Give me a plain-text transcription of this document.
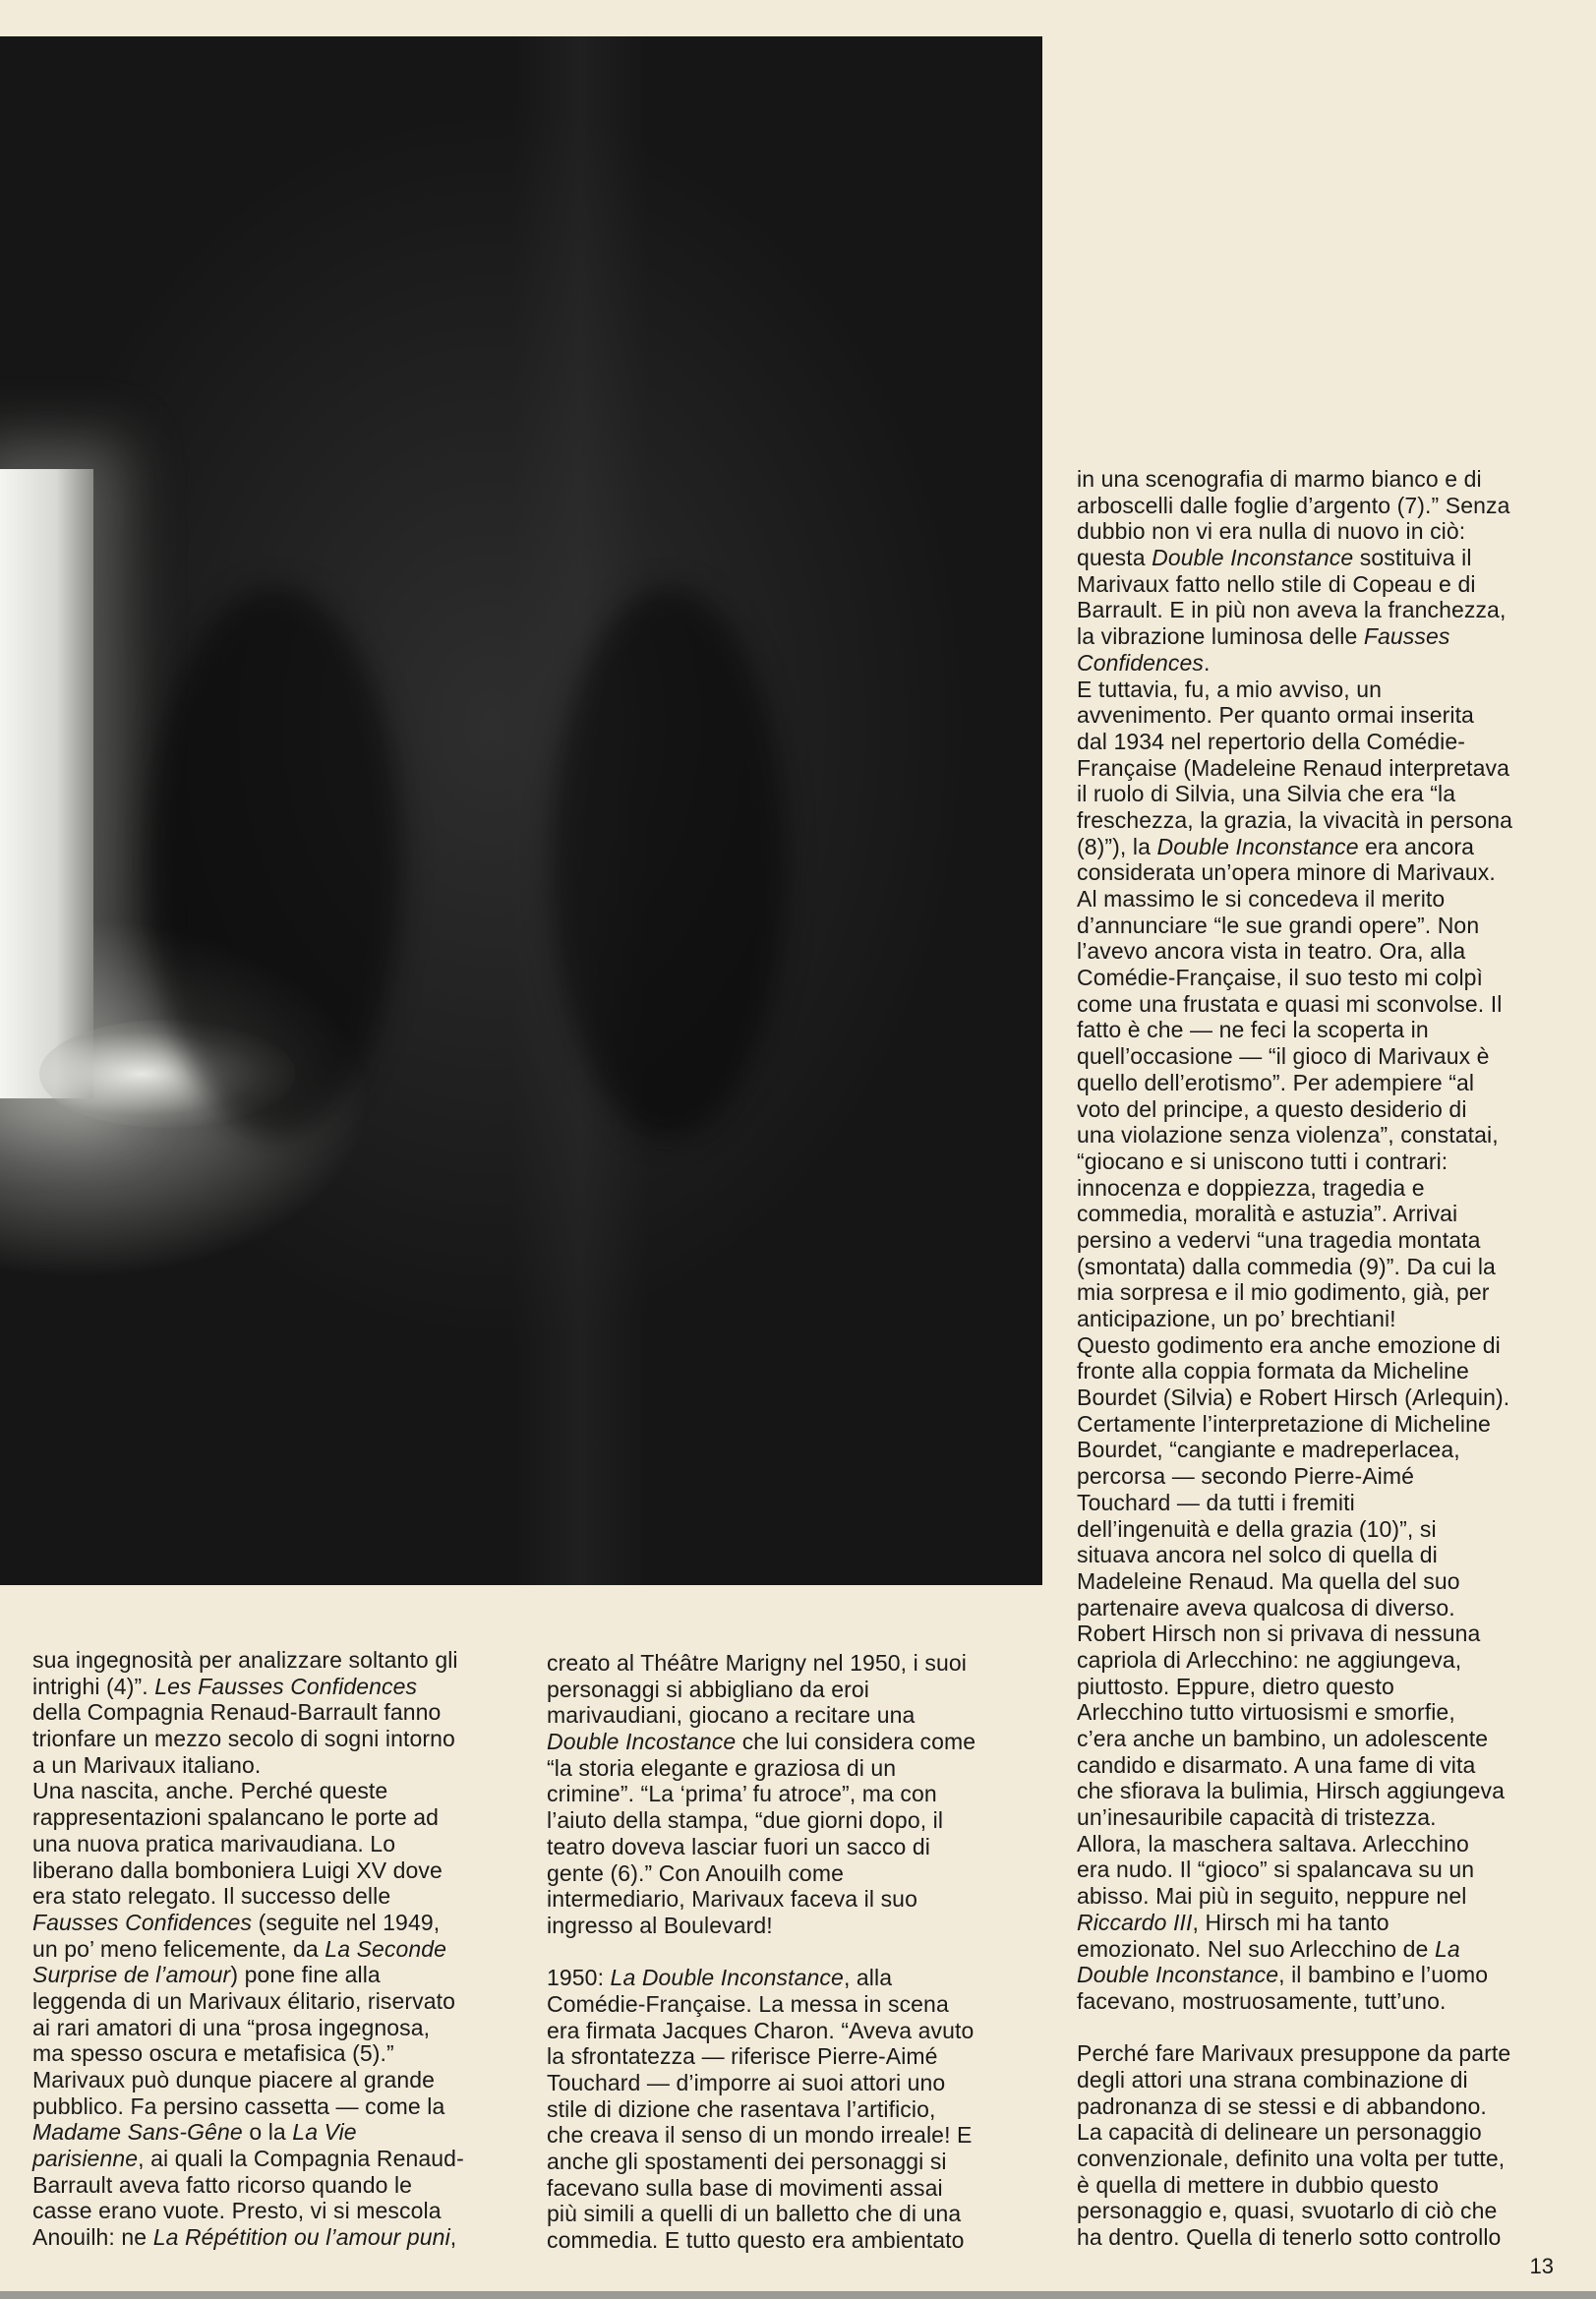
sua ingegnosità per analizzare soltanto gli
intrighi (4)”. Les Fausses Confidences
della Compagnia Renaud-Barrault fanno
trionfare un mezzo secolo di sogni intorno
a un Marivaux italiano.
Una nascita, anche. Perché queste
rappresentazioni spalancano le porte ad
una nuova pratica marivaudiana. Lo
liberano dalla bomboniera Luigi XV dove
era stato relegato. Il successo delle
Fausses Confidences (seguite nel 1949,
un po’ meno felicemente, da La Seconde
Surprise de l’amour) pone fine alla
leggenda di un Marivaux élitario, riservato
ai rari amatori di una “prosa ingegnosa,
ma spesso oscura e metafisica (5).”
Marivaux può dunque piacere al grande
pubblico. Fa persino cassetta — come la
Madame Sans-Gêne o la La Vie
parisienne, ai quali la Compagnia Renaud-
Barrault aveva fatto ricorso quando le
casse erano vuote. Presto, vi si mescola
Anouilh: ne La Répétition ou l’amour puni,
creato al Théâtre Marigny nel 1950, i suoi
personaggi si abbigliano da eroi
marivaudiani, giocano a recitare una
Double Incostance che lui considera come
“la storia elegante e graziosa di un
crimine”. “La ‘prima’ fu atroce”, ma con
l’aiuto della stampa, “due giorni dopo, il
teatro doveva lasciar fuori un sacco di
gente (6).” Con Anouilh come
intermediario, Marivaux faceva il suo
ingresso al Boulevard!
1950: La Double Inconstance, alla
Comédie-Française. La messa in scena
era firmata Jacques Charon. “Aveva avuto
la sfrontatezza — riferisce Pierre-Aimé
Touchard — d’imporre ai suoi attori uno
stile di dizione che rasentava l’artificio,
che creava il senso di un mondo irreale! E
anche gli spostamenti dei personaggi si
facevano sulla base di movimenti assai
più simili a quelli di un balletto che di una
commedia. E tutto questo era ambientato
in una scenografia di marmo bianco e di
arboscelli dalle foglie d’argento (7).” Senza
dubbio non vi era nulla di nuovo in ciò:
questa Double Inconstance sostituiva il
Marivaux fatto nello stile di Copeau e di
Barrault. E in più non aveva la franchezza,
la vibrazione luminosa delle Fausses
Confidences.
E tuttavia, fu, a mio avviso, un
avvenimento. Per quanto ormai inserita
dal 1934 nel repertorio della Comédie-
Française (Madeleine Renaud interpretava
il ruolo di Silvia, una Silvia che era “la
freschezza, la grazia, la vivacità in persona
(8)”), la Double Inconstance era ancora
considerata un’opera minore di Marivaux.
Al massimo le si concedeva il merito
d’annunciare “le sue grandi opere”. Non
l’avevo ancora vista in teatro. Ora, alla
Comédie-Française, il suo testo mi colpì
come una frustata e quasi mi sconvolse. Il
fatto è che — ne feci la scoperta in
quell’occasione — “il gioco di Marivaux è
quello dell’erotismo”. Per adempiere “al
voto del principe, a questo desiderio di
una violazione senza violenza”, constatai,
“giocano e si uniscono tutti i contrari:
innocenza e doppiezza, tragedia e
commedia, moralità e astuzia”. Arrivai
persino a vedervi “una tragedia montata
(smontata) dalla commedia (9)”. Da cui la
mia sorpresa e il mio godimento, già, per
anticipazione, un po’ brechtiani!
Questo godimento era anche emozione di
fronte alla coppia formata da Micheline
Bourdet (Silvia) e Robert Hirsch (Arlequin).
Certamente l’interpretazione di Micheline
Bourdet, “cangiante e madreperlacea,
percorsa — secondo Pierre-Aimé
Touchard — da tutti i fremiti
dell’ingenuità e della grazia (10)”, si
situava ancora nel solco di quella di
Madeleine Renaud. Ma quella del suo
partenaire aveva qualcosa di diverso.
Robert Hirsch non si privava di nessuna
capriola di Arlecchino: ne aggiungeva,
piuttosto. Eppure, dietro questo
Arlecchino tutto virtuosismi e smorfie,
c’era anche un bambino, un adolescente
candido e disarmato. A una fame di vita
che sfiorava la bulimia, Hirsch aggiungeva
un’inesauribile capacità di tristezza.
Allora, la maschera saltava. Arlecchino
era nudo. Il “gioco” si spalancava su un
abisso. Mai più in seguito, neppure nel
Riccardo III, Hirsch mi ha tanto
emozionato. Nel suo Arlecchino de La
Double Inconstance, il bambino e l’uomo
facevano, mostruosamente, tutt’uno.
Perché fare Marivaux presuppone da parte
degli attori una strana combinazione di
padronanza di se stessi e di abbandono.
La capacità di delineare un personaggio
convenzionale, definito una volta per tutte,
è quella di mettere in dubbio questo
personaggio e, quasi, svuotarlo di ciò che
ha dentro. Quella di tenerlo sotto controllo
13
